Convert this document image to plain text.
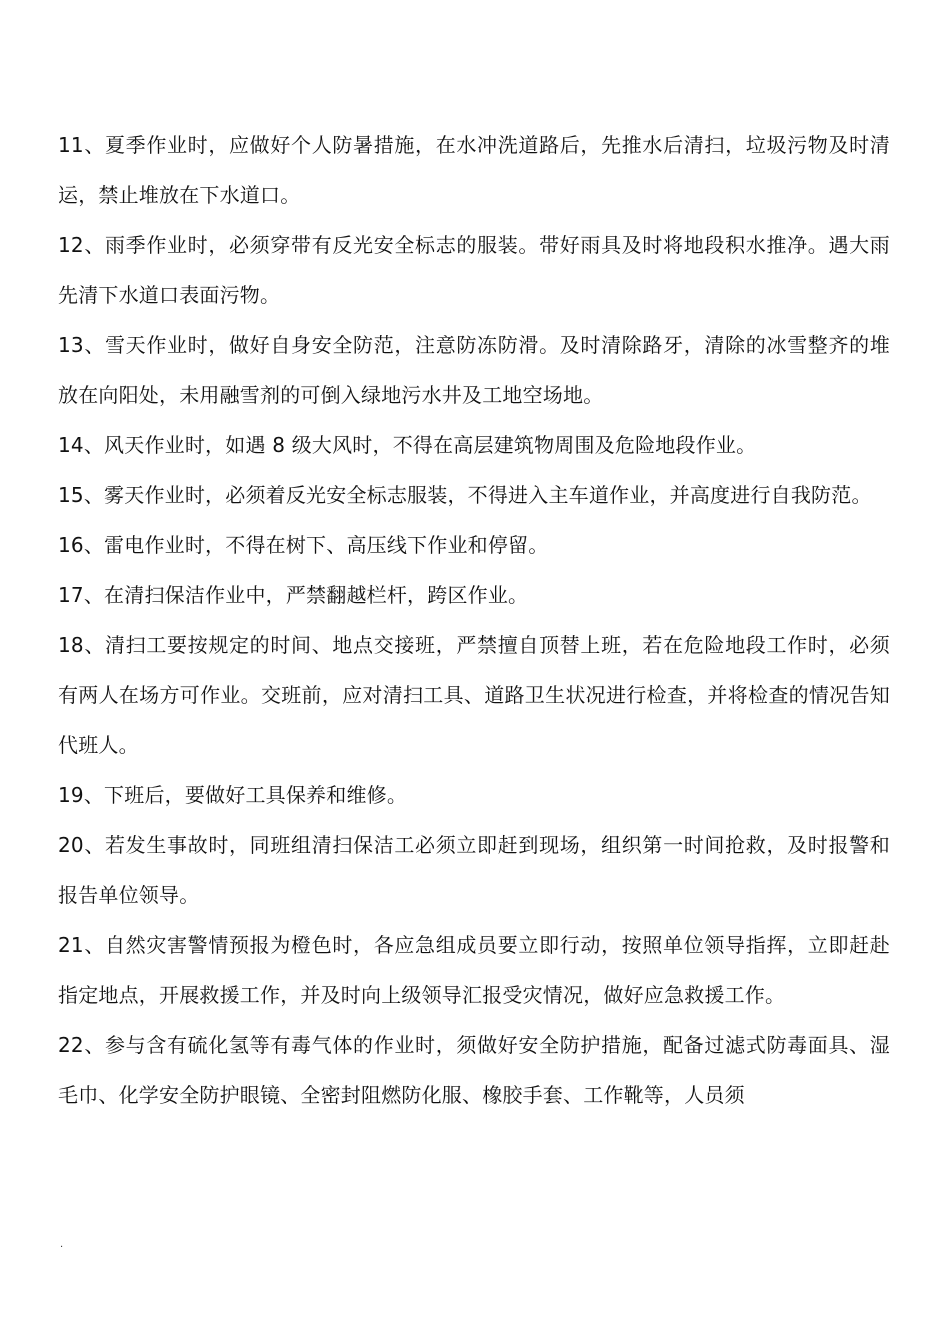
11、夏季作业时，应做好个人防暑措施，在水冲洗道路后，先推水后清扫，垃圾污物及时清运，禁止堆放在下水道口。

12、雨季作业时，必须穿带有反光安全标志的服装。带好雨具及时将地段积水推净。遇大雨先清下水道口表面污物。

13、雪天作业时，做好自身安全防范，注意防冻防滑。及时清除路牙，清除的冰雪整齐的堆放在向阳处，未用融雪剂的可倒入绿地污水井及工地空场地。

14、风天作业时，如遇 8 级大风时，不得在高层建筑物周围及危险地段作业。

15、雾天作业时，必须着反光安全标志服装，不得进入主车道作业，并高度进行自我防范。

16、雷电作业时，不得在树下、高压线下作业和停留。

17、在清扫保洁作业中，严禁翻越栏杆，跨区作业。

18、清扫工要按规定的时间、地点交接班，严禁擅自顶替上班，若在危险地段工作时，必须有两人在场方可作业。交班前，应对清扫工具、道路卫生状况进行检查，并将检查的情况告知代班人。

19、下班后，要做好工具保养和维修。

20、若发生事故时，同班组清扫保洁工必须立即赶到现场，组织第一时间抢救，及时报警和报告单位领导。

21、自然灾害警情预报为橙色时，各应急组成员要立即行动，按照单位领导指挥，立即赶赴指定地点，开展救援工作，并及时向上级领导汇报受灾情况，做好应急救援工作。

22、参与含有硫化氢等有毒气体的作业时，须做好安全防护措施，配备过滤式防毒面具、湿毛巾、化学安全防护眼镜、全密封阻燃防化服、橡胶手套、工作靴等，人员须

.
